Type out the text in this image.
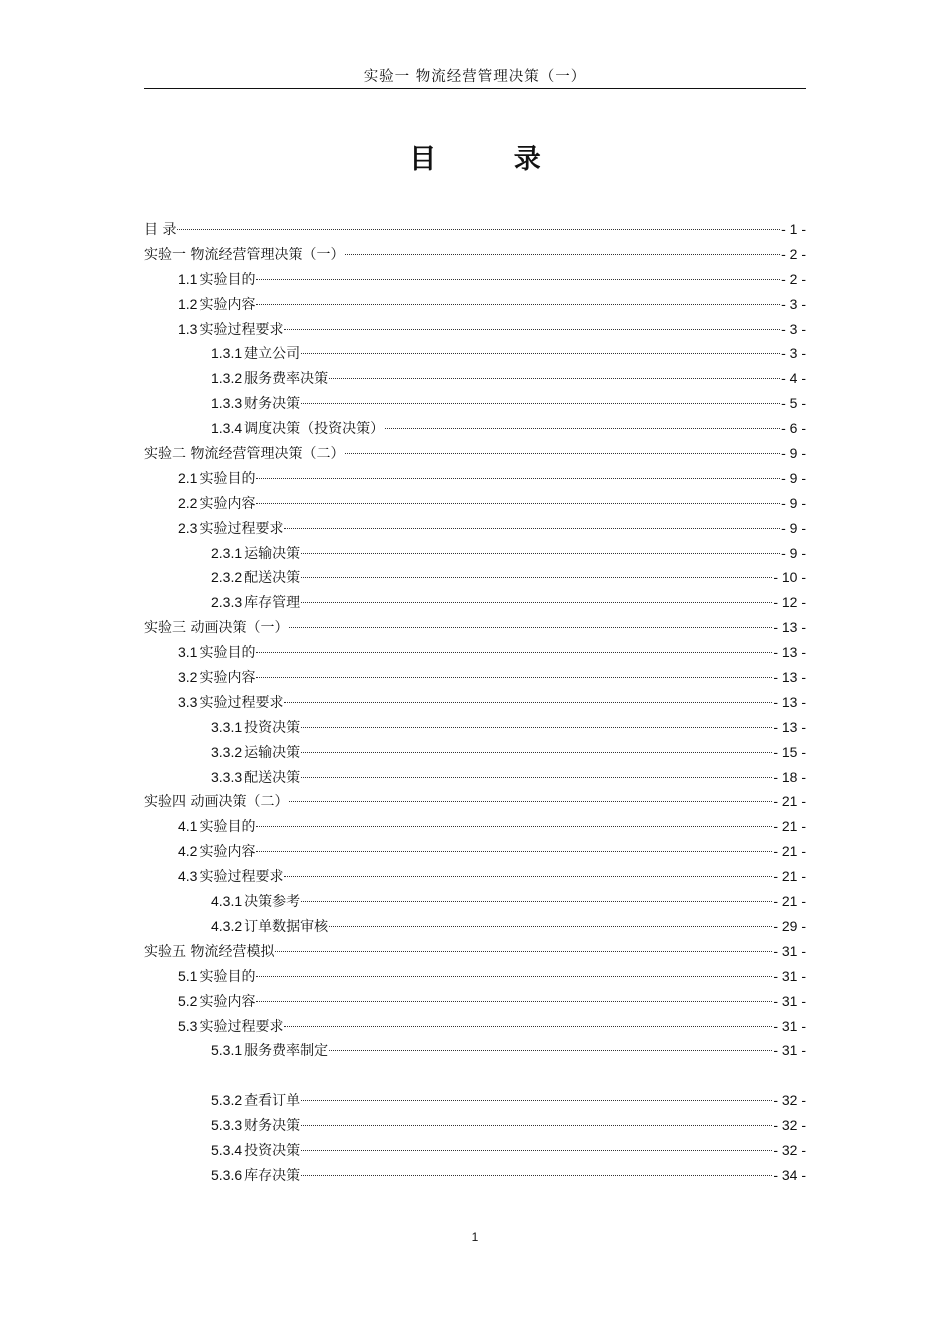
实验一 物流经营管理决策（一）
目 录
目 录	- 1 -
实验一 物流经营管理决策（一）	- 2 -
1.1 实验目的	- 2 -
1.2 实验内容	- 3 -
1.3 实验过程要求	- 3 -
1.3.1 建立公司	- 3 -
1.3.2 服务费率决策	- 4 -
1.3.3 财务决策	- 5 -
1.3.4 调度决策（投资决策）	- 6 -
实验二 物流经营管理决策（二）	- 9 -
2.1 实验目的	- 9 -
2.2 实验内容	- 9 -
2.3 实验过程要求	- 9 -
2.3.1 运输决策	- 9 -
2.3.2 配送决策	- 10 -
2.3.3 库存管理	- 12 -
实验三 动画决策（一）	- 13 -
3.1 实验目的	- 13 -
3.2 实验内容	- 13 -
3.3 实验过程要求	- 13 -
3.3.1 投资决策	- 13 -
3.3.2 运输决策	- 15 -
3.3.3 配送决策	- 18 -
实验四 动画决策（二）	- 21 -
4.1 实验目的	- 21 -
4.2 实验内容	- 21 -
4.3 实验过程要求	- 21 -
4.3.1 决策参考	- 21 -
4.3.2 订单数据审核	- 29 -
实验五 物流经营模拟	- 31 -
5.1 实验目的	- 31 -
5.2 实验内容	- 31 -
5.3 实验过程要求	- 31 -
5.3.1 服务费率制定	- 31 -
5.3.2 查看订单	- 32 -
5.3.3 财务决策	- 32 -
5.3.4 投资决策	- 32 -
5.3.6 库存决策	- 34 -
1
